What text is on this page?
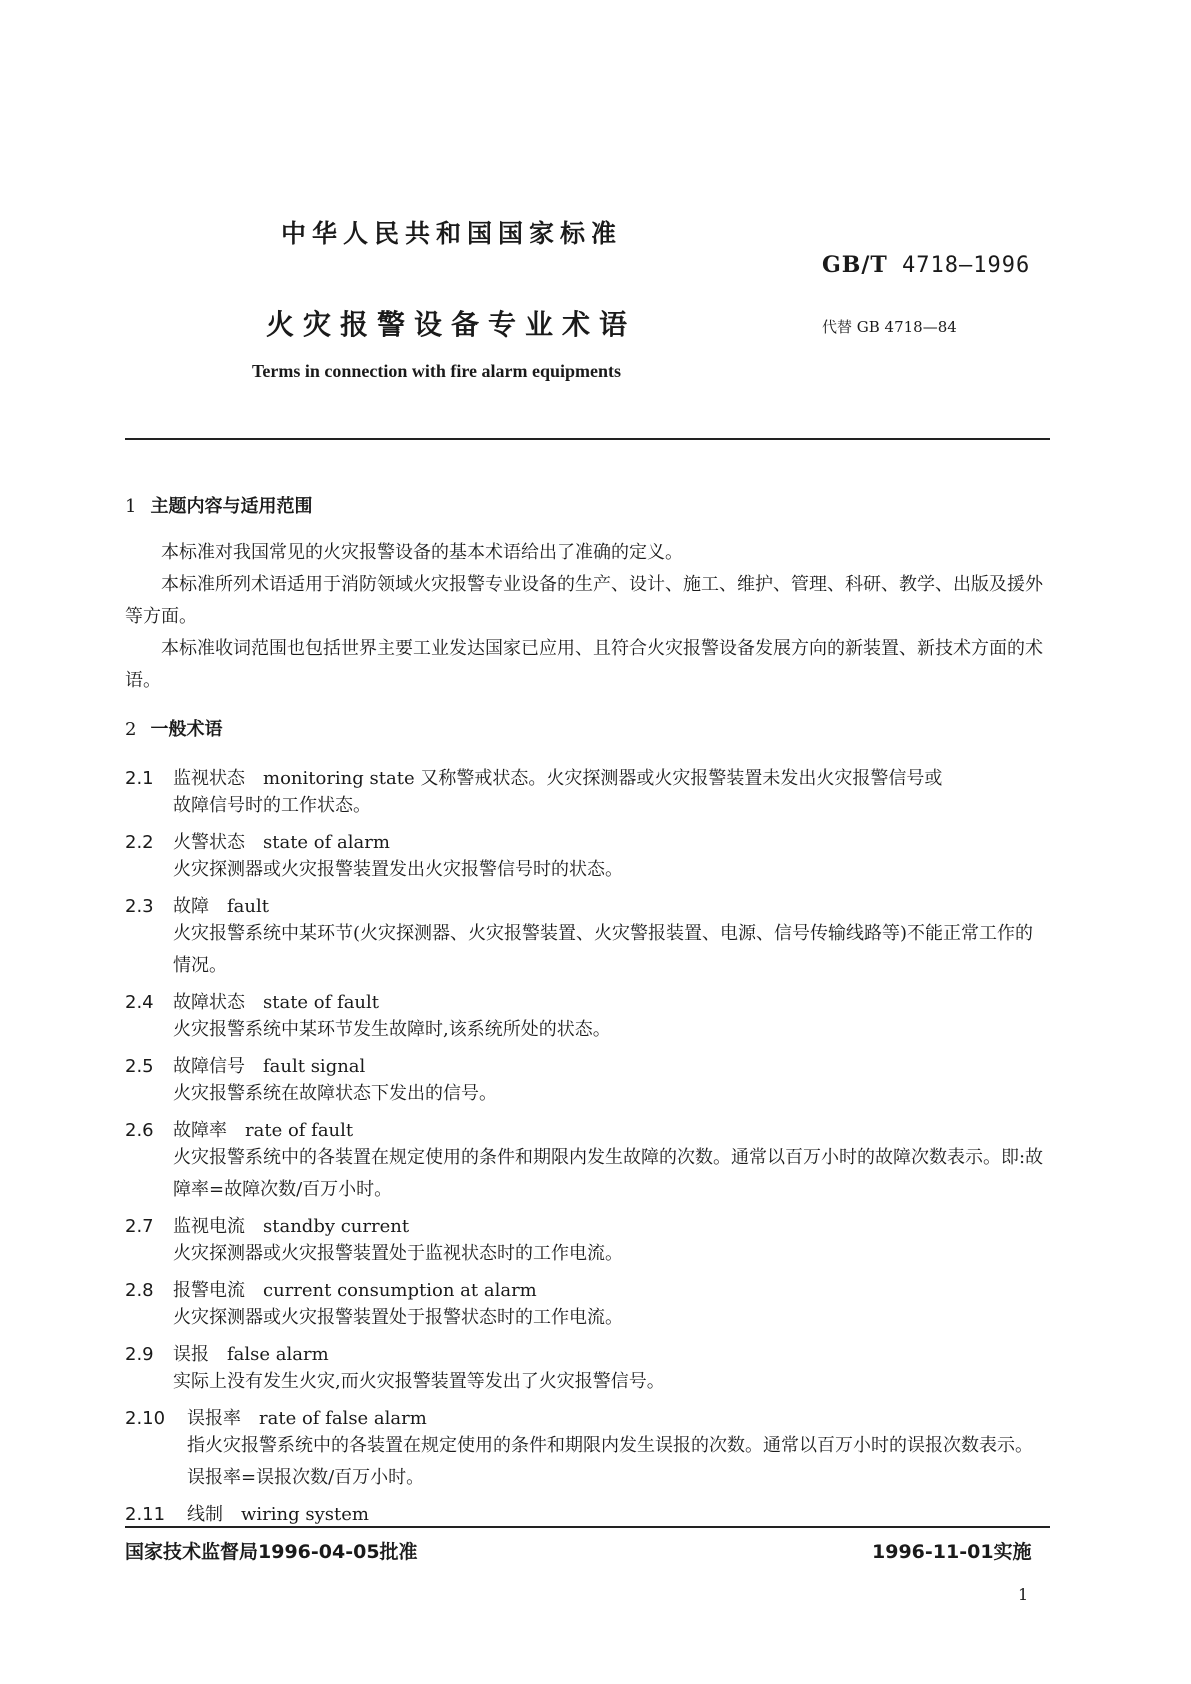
中华人民共和国国家标准
GB/T 4718—1996
火灾报警设备专业术语	代替 GB 4718—84
Terms in connection with fire alarm equipments
1 主题内容与适用范围
本标准对我国常见的火灾报警设备的基本术语给出了准确的定义。
本标准所列术语适用于消防领域火灾报警专业设备的生产、设计、施工、维护、管理、科研、教学、出版及援外等方面。
本标准收词范围也包括世界主要工业发达国家已应用、且符合火灾报警设备发展方向的新装置、新技术方面的术语。
2 一般术语
2.1 监视状态 monitoring state 又称警戒状态。火灾探测器或火灾报警装置未发出火灾报警信号或
故障信号时的工作状态。
2.2 火警状态 state of alarm
火灾探测器或火灾报警装置发出火灾报警信号时的状态。
2.3 故障 fault
火灾报警系统中某环节(火灾探测器、火灾报警装置、火灾警报装置、电源、信号传输线路等)不能正常工作的情况。
2.4 故障状态 state of fault
火灾报警系统中某环节发生故障时,该系统所处的状态。
2.5 故障信号 fault signal
火灾报警系统在故障状态下发出的信号。
2.6 故障率 rate of fault
火灾报警系统中的各装置在规定使用的条件和期限内发生故障的次数。通常以百万小时的故障次数表示。即:故障率=故障次数/百万小时。
2.7 监视电流 standby current
火灾探测器或火灾报警装置处于监视状态时的工作电流。
2.8 报警电流 current consumption at alarm
火灾探测器或火灾报警装置处于报警状态时的工作电流。
2.9 误报 false alarm
实际上没有发生火灾,而火灾报警装置等发出了火灾报警信号。
2.10 误报率 rate of false alarm
指火灾报警系统中的各装置在规定使用的条件和期限内发生误报的次数。通常以百万小时的误报次数表示。误报率=误报次数/百万小时。
2.11 线制 wiring system
国家技术监督局1996-04-05批准	1996-11-01实施
1
